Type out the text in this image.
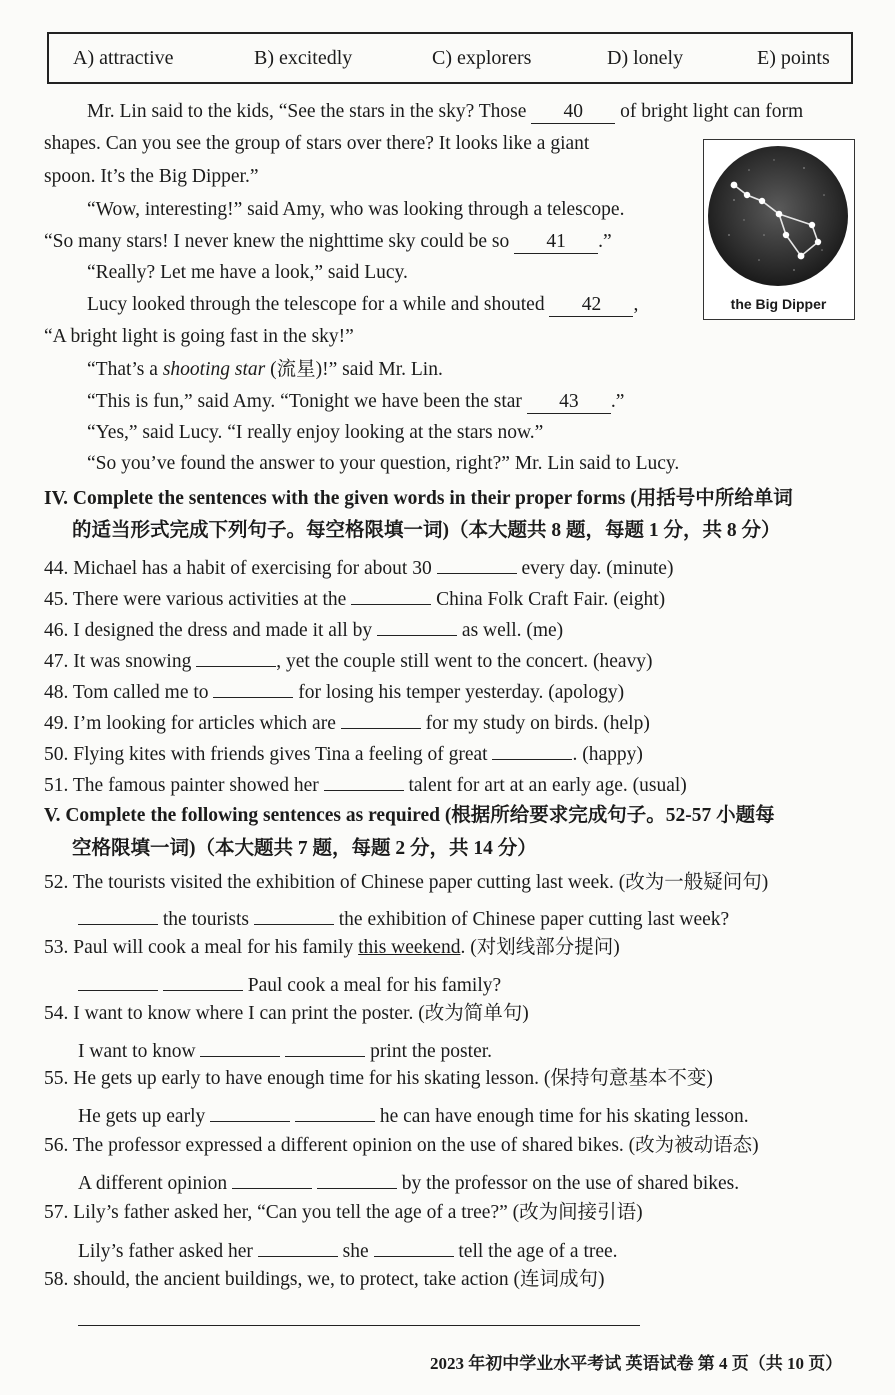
A) attractive	B) excitedly	C) explorers	D) lonely	E) points
Mr. Lin said to the kids, “See the stars in the sky? Those 40 of bright light can form
shapes. Can you see the group of stars over there? It looks like a giant
spoon. It’s the Big Dipper.”
“Wow, interesting!” said Amy, who was looking through a telescope.
“So many stars! I never knew the nighttime sky could be so 41 .”
“Really? Let me have a look,” said Lucy.
Lucy looked through the telescope for a while and shouted 42 ,
“A bright light is going fast in the sky!”
“That’s a shooting star (流星)!” said Mr. Lin.
“This is fun,” said Amy. “Tonight we have been the star 43 .”
“Yes,” said Lucy. “I really enjoy looking at the stars now.”
“So you’ve found the answer to your question, right?” Mr. Lin said to Lucy.
the Big Dipper
IV. Complete the sentences with the given words in their proper forms (用括号中所给单词
的适当形式完成下列句子。每空格限填一词)（本大题共 8 题，每题 1 分，共 8 分）
44. Michael has a habit of exercising for about 30	every day. (minute)
45. There were various activities at the	China Folk Craft Fair. (eight)
46. I designed the dress and made it all by	as well. (me)
47. It was snowing	, yet the couple still went to the concert. (heavy)
48. Tom called me to	for losing his temper yesterday. (apology)
49. I’m looking for articles which are	for my study on birds. (help)
50. Flying kites with friends gives Tina a feeling of great	. (happy)
51. The famous painter showed her	talent for art at an early age. (usual)
V. Complete the following sentences as required (根据所给要求完成句子。52-57 小题每
空格限填一词)（本大题共 7 题，每题 2 分，共 14 分）
52. The tourists visited the exhibition of Chinese paper cutting last week. (改为一般疑问句)
the tourists	the exhibition of Chinese paper cutting last week?
53. Paul will cook a meal for his family this weekend. (对划线部分提问)
Paul cook a meal for his family?
54. I want to know where I can print the poster. (改为简单句)
I want to know	print the poster.
55. He gets up early to have enough time for his skating lesson. (保持句意基本不变)
He gets up early	he can have enough time for his skating lesson.
56. The professor expressed a different opinion on the use of shared bikes. (改为被动语态)
A different opinion	by the professor on the use of shared bikes.
57. Lily’s father asked her, “Can you tell the age of a tree?” (改为间接引语)
Lily’s father asked her	she	tell the age of a tree.
58. should, the ancient buildings, we, to protect, take action (连词成句)
2023 年初中学业水平考试 英语试卷 第 4 页（共 10 页）
